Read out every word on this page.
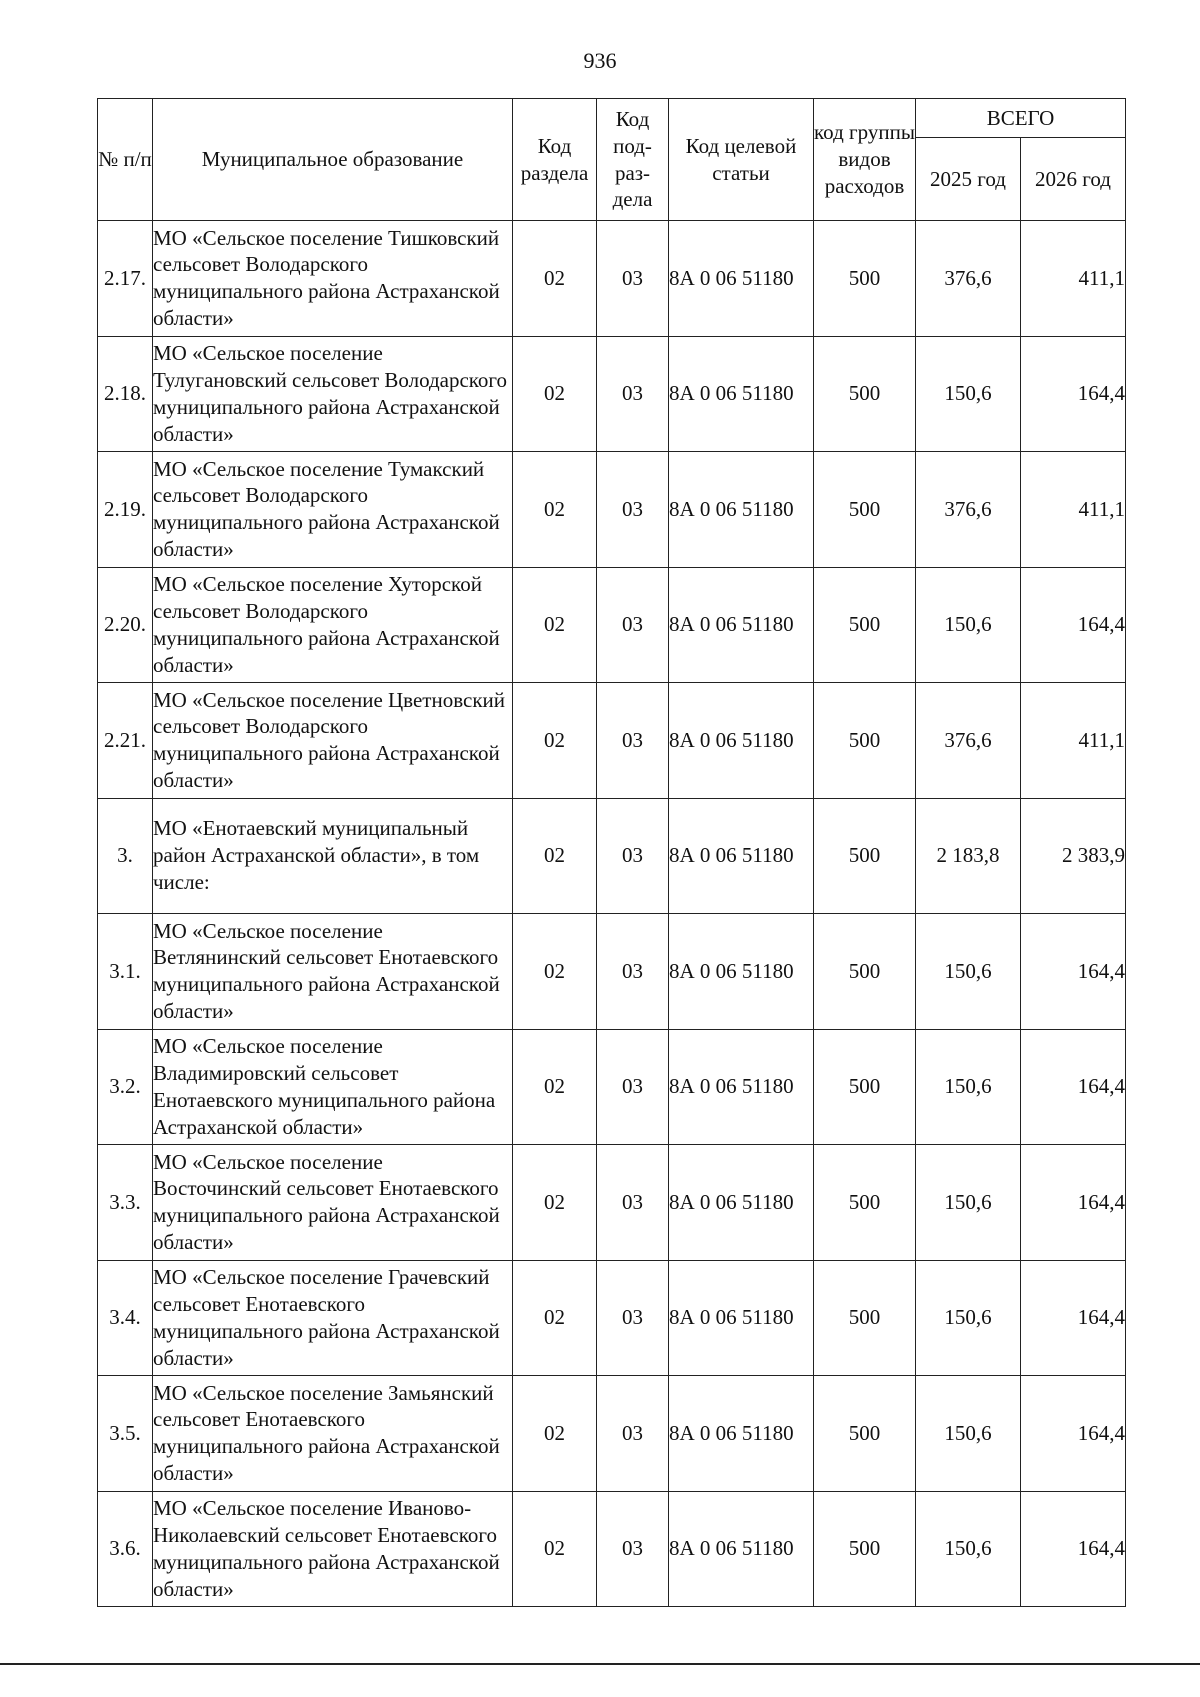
936
№ п/п	Муниципальное образование	Код раздела	Код под-раз-дела	Код целевой статьи	код группы видов расходов	ВСЕГО	
						2025 год	2026 год
2.17.	МО «Сельское поселение Тишковский сельсовет Володарского муниципального района Астраханской области»	02	03	8А 0 06 51180	500	376,6	411,1
2.18.	МО «Сельское поселение Тулугановский сельсовет Володарского муниципального района Астраханской области»	02	03	8А 0 06 51180	500	150,6	164,4
2.19.	МО «Сельское поселение Тумакский сельсовет Володарского муниципального района Астраханской области»	02	03	8А 0 06 51180	500	376,6	411,1
2.20.	МО «Сельское поселение Хуторской сельсовет Володарского муниципального района Астраханской области»	02	03	8А 0 06 51180	500	150,6	164,4
2.21.	МО «Сельское поселение Цветновский сельсовет Володарского муниципального района Астраханской области»	02	03	8А 0 06 51180	500	376,6	411,1
3.	МО «Енотаевский муниципальный район Астраханской области», в том числе:	02	03	8А 0 06 51180	500	2 183,8	2 383,9
3.1.	МО «Сельское поселение Ветлянинский сельсовет Енотаевского муниципального района Астраханской области»	02	03	8А 0 06 51180	500	150,6	164,4
3.2.	МО «Сельское поселение Владимировский сельсовет Енотаевского муниципального района Астраханской области»	02	03	8А 0 06 51180	500	150,6	164,4
3.3.	МО «Сельское поселение Восточинский сельсовет Енотаевского муниципального района Астраханской области»	02	03	8А 0 06 51180	500	150,6	164,4
3.4.	МО «Сельское поселение Грачевский сельсовет Енотаевского муниципального района Астраханской области»	02	03	8А 0 06 51180	500	150,6	164,4
3.5.	МО «Сельское поселение Замьянский сельсовет Енотаевского муниципального района Астраханской области»	02	03	8А 0 06 51180	500	150,6	164,4
3.6.	МО «Сельское поселение Иваново-Николаевский сельсовет Енотаевского муниципального района Астраханской области»	02	03	8А 0 06 51180	500	150,6	164,4
